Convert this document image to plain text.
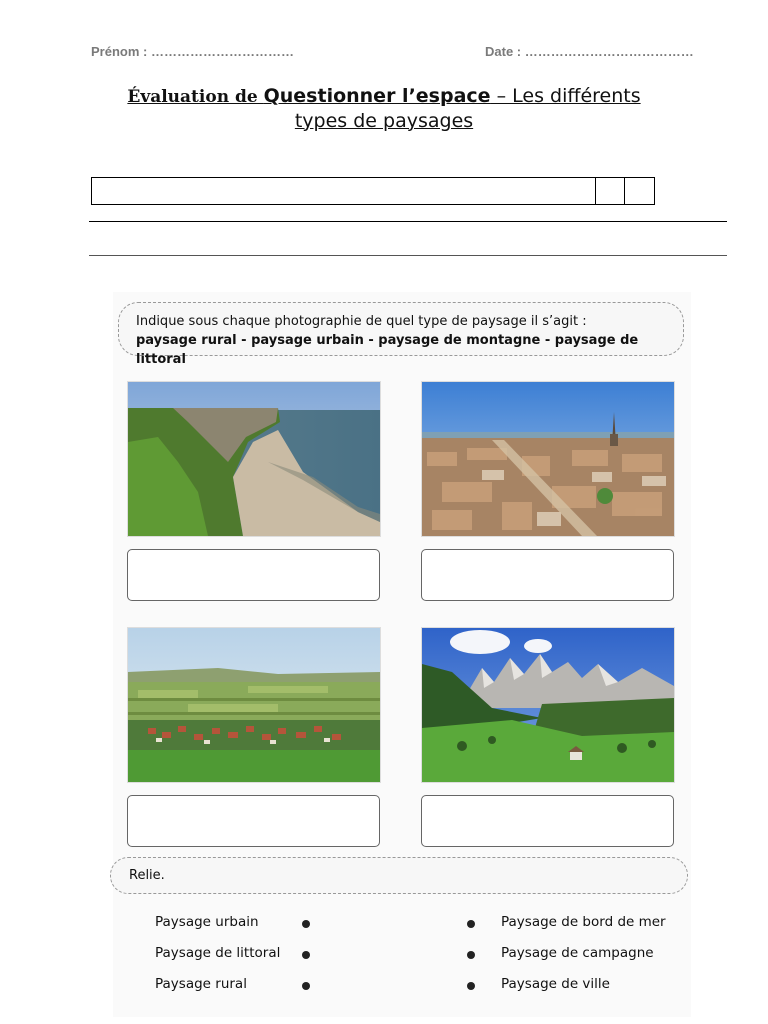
Prénom : ……………………………	Date : …………………………………
Évaluation de Questionner l’espace – Les différents types de paysages
Indique sous chaque photographie de quel type de paysage il s’agit :
paysage rural - paysage urbain - paysage de montagne - paysage de littoral
Relie.
Paysage urbain
Paysage de littoral
Paysage rural
Paysage de bord de mer
Paysage de campagne
Paysage de ville
